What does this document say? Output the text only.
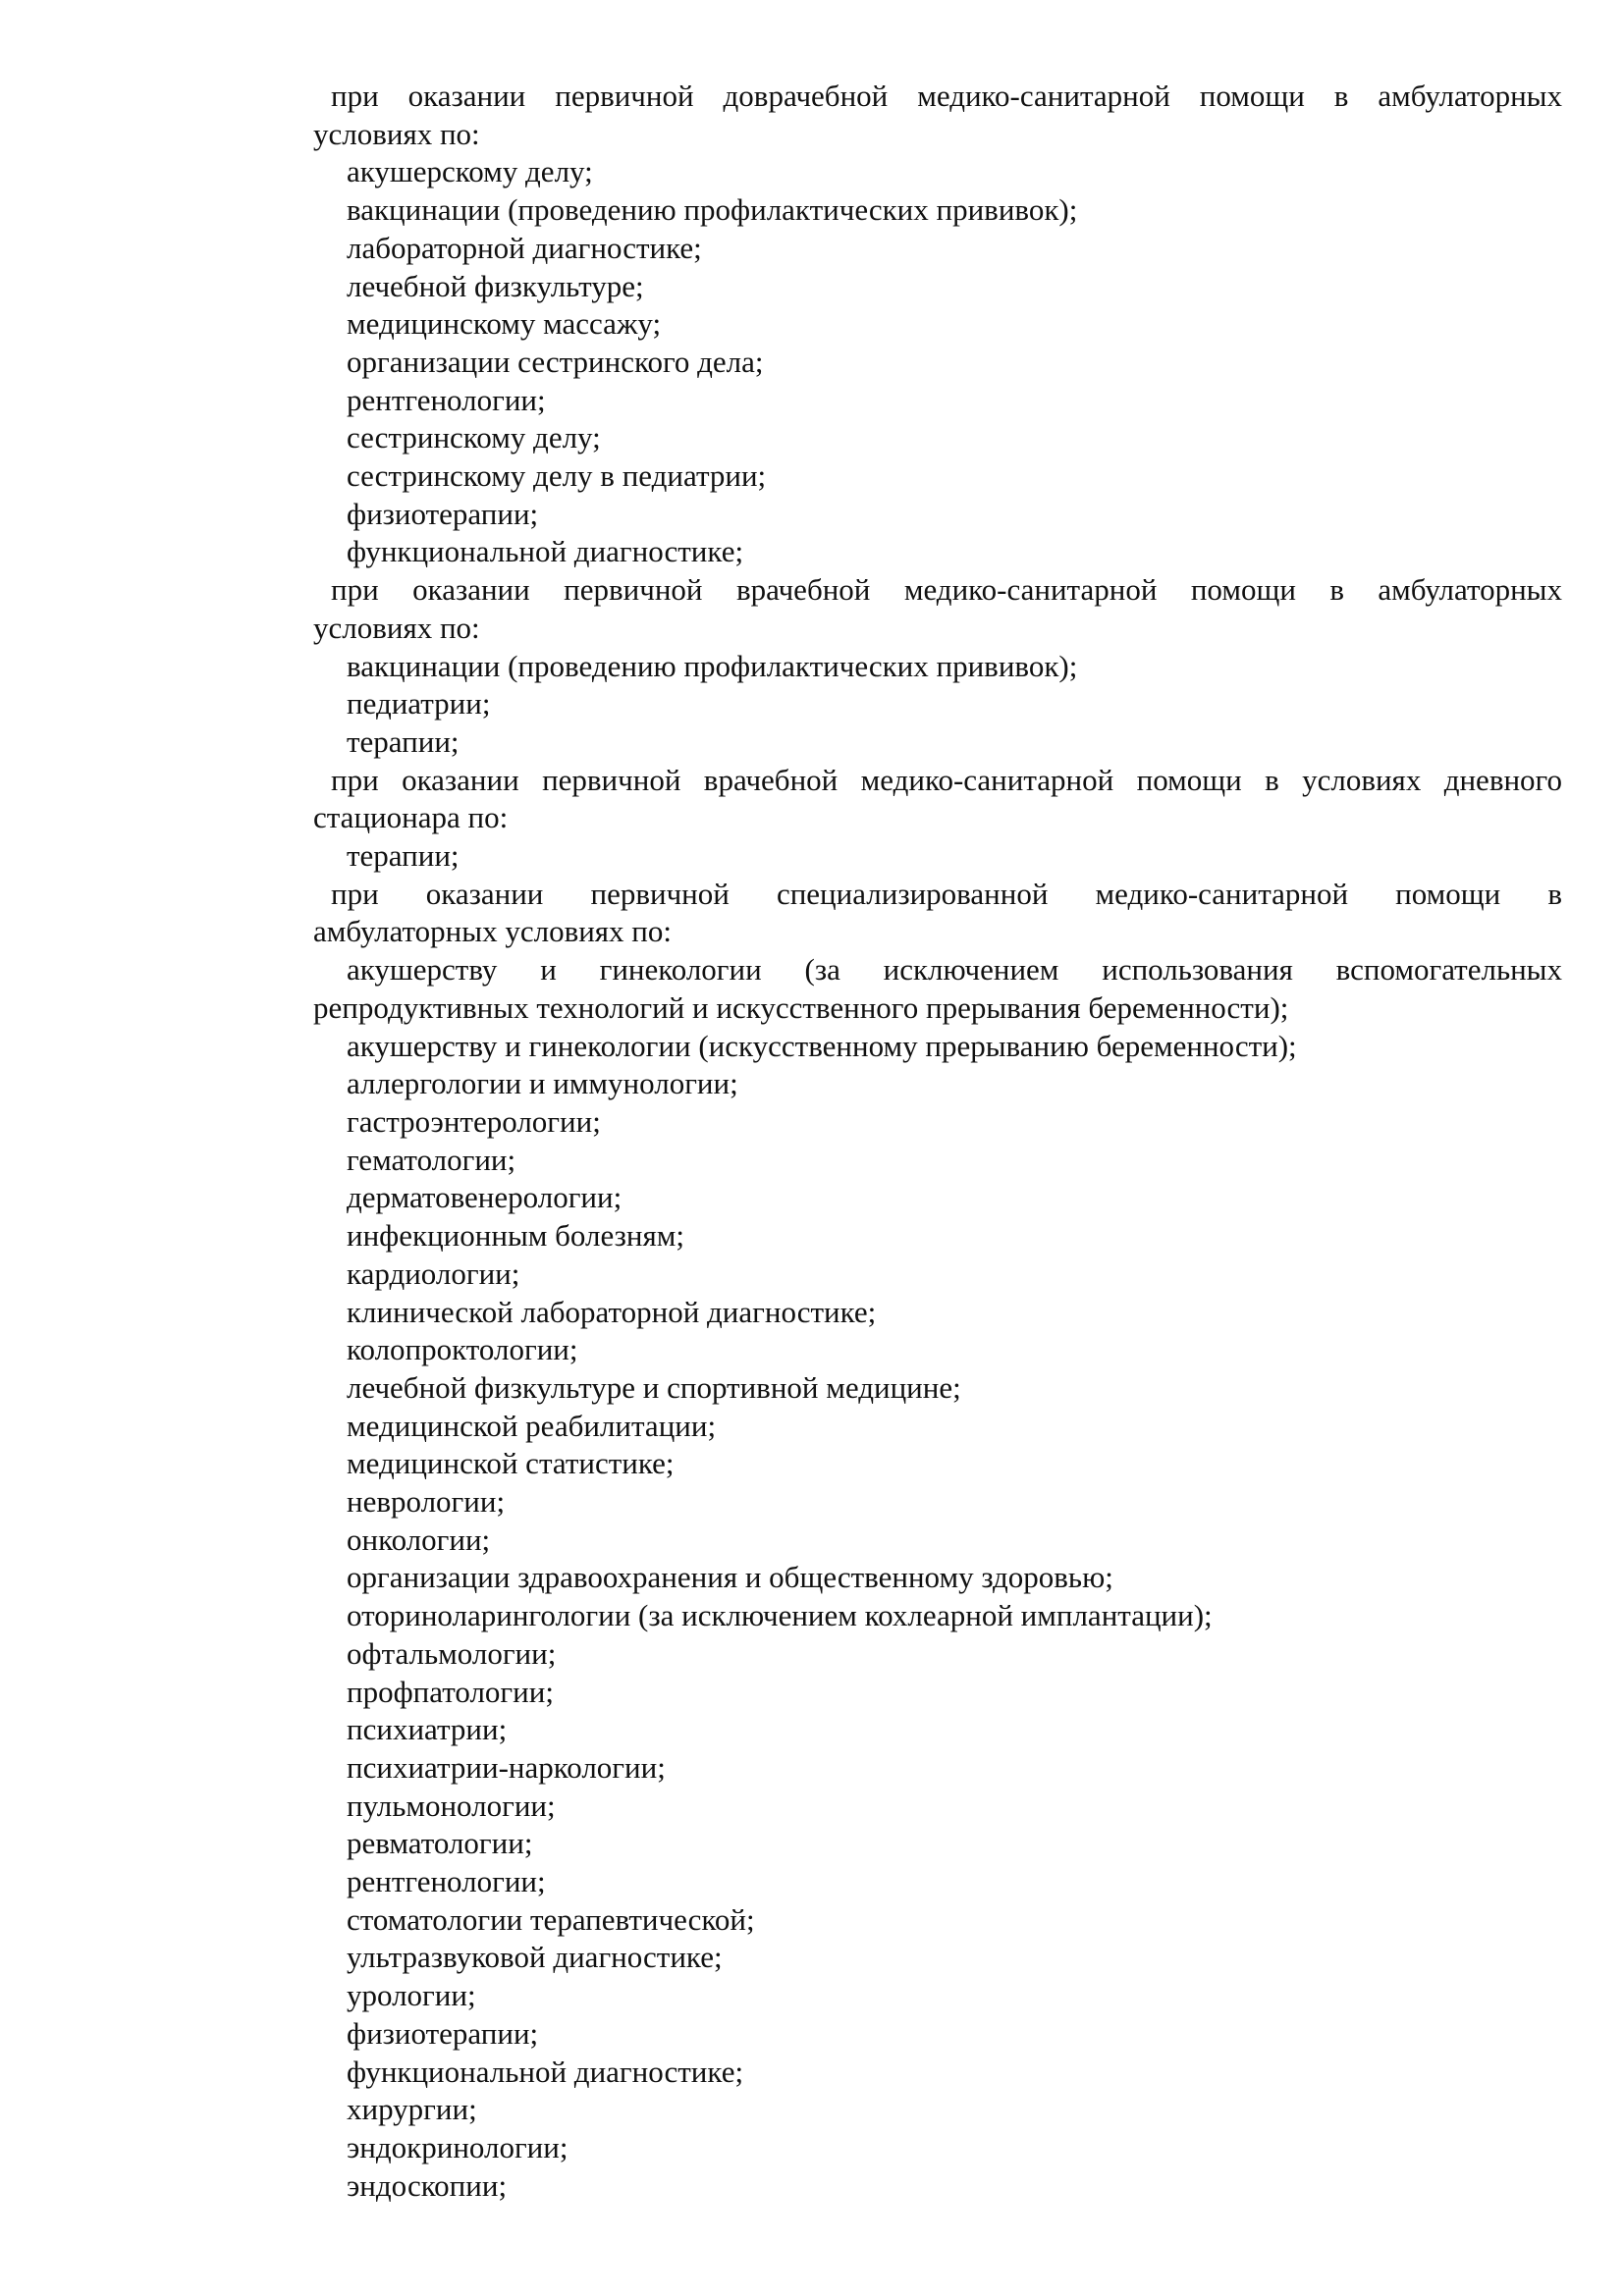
при оказании первичной доврачебной медико-санитарной помощи в амбулаторных
условиях по:
акушерскому делу;
вакцинации (проведению профилактических прививок);
лабораторной диагностике;
лечебной физкультуре;
медицинскому массажу;
организации сестринского дела;
рентгенологии;
сестринскому делу;
сестринскому делу в педиатрии;
физиотерапии;
функциональной диагностике;
при оказании первичной врачебной медико-санитарной помощи в амбулаторных
условиях по:
вакцинации (проведению профилактических прививок);
педиатрии;
терапии;
при оказании первичной врачебной медико-санитарной помощи в условиях дневного
стационара по:
терапии;
при оказании первичной специализированной медико-санитарной помощи в
амбулаторных условиях по:
акушерству и гинекологии (за исключением использования вспомогательных
репродуктивных технологий и искусственного прерывания беременности);
акушерству и гинекологии (искусственному прерыванию беременности);
аллергологии и иммунологии;
гастроэнтерологии;
гематологии;
дерматовенерологии;
инфекционным болезням;
кардиологии;
клинической лабораторной диагностике;
колопроктологии;
лечебной физкультуре и спортивной медицине;
медицинской реабилитации;
медицинской статистике;
неврологии;
онкологии;
организации здравоохранения и общественному здоровью;
оториноларингологии (за исключением кохлеарной имплантации);
офтальмологии;
профпатологии;
психиатрии;
психиатрии-наркологии;
пульмонологии;
ревматологии;
рентгенологии;
стоматологии терапевтической;
ультразвуковой диагностике;
урологии;
физиотерапии;
функциональной диагностике;
хирургии;
эндокринологии;
эндоскопии;
